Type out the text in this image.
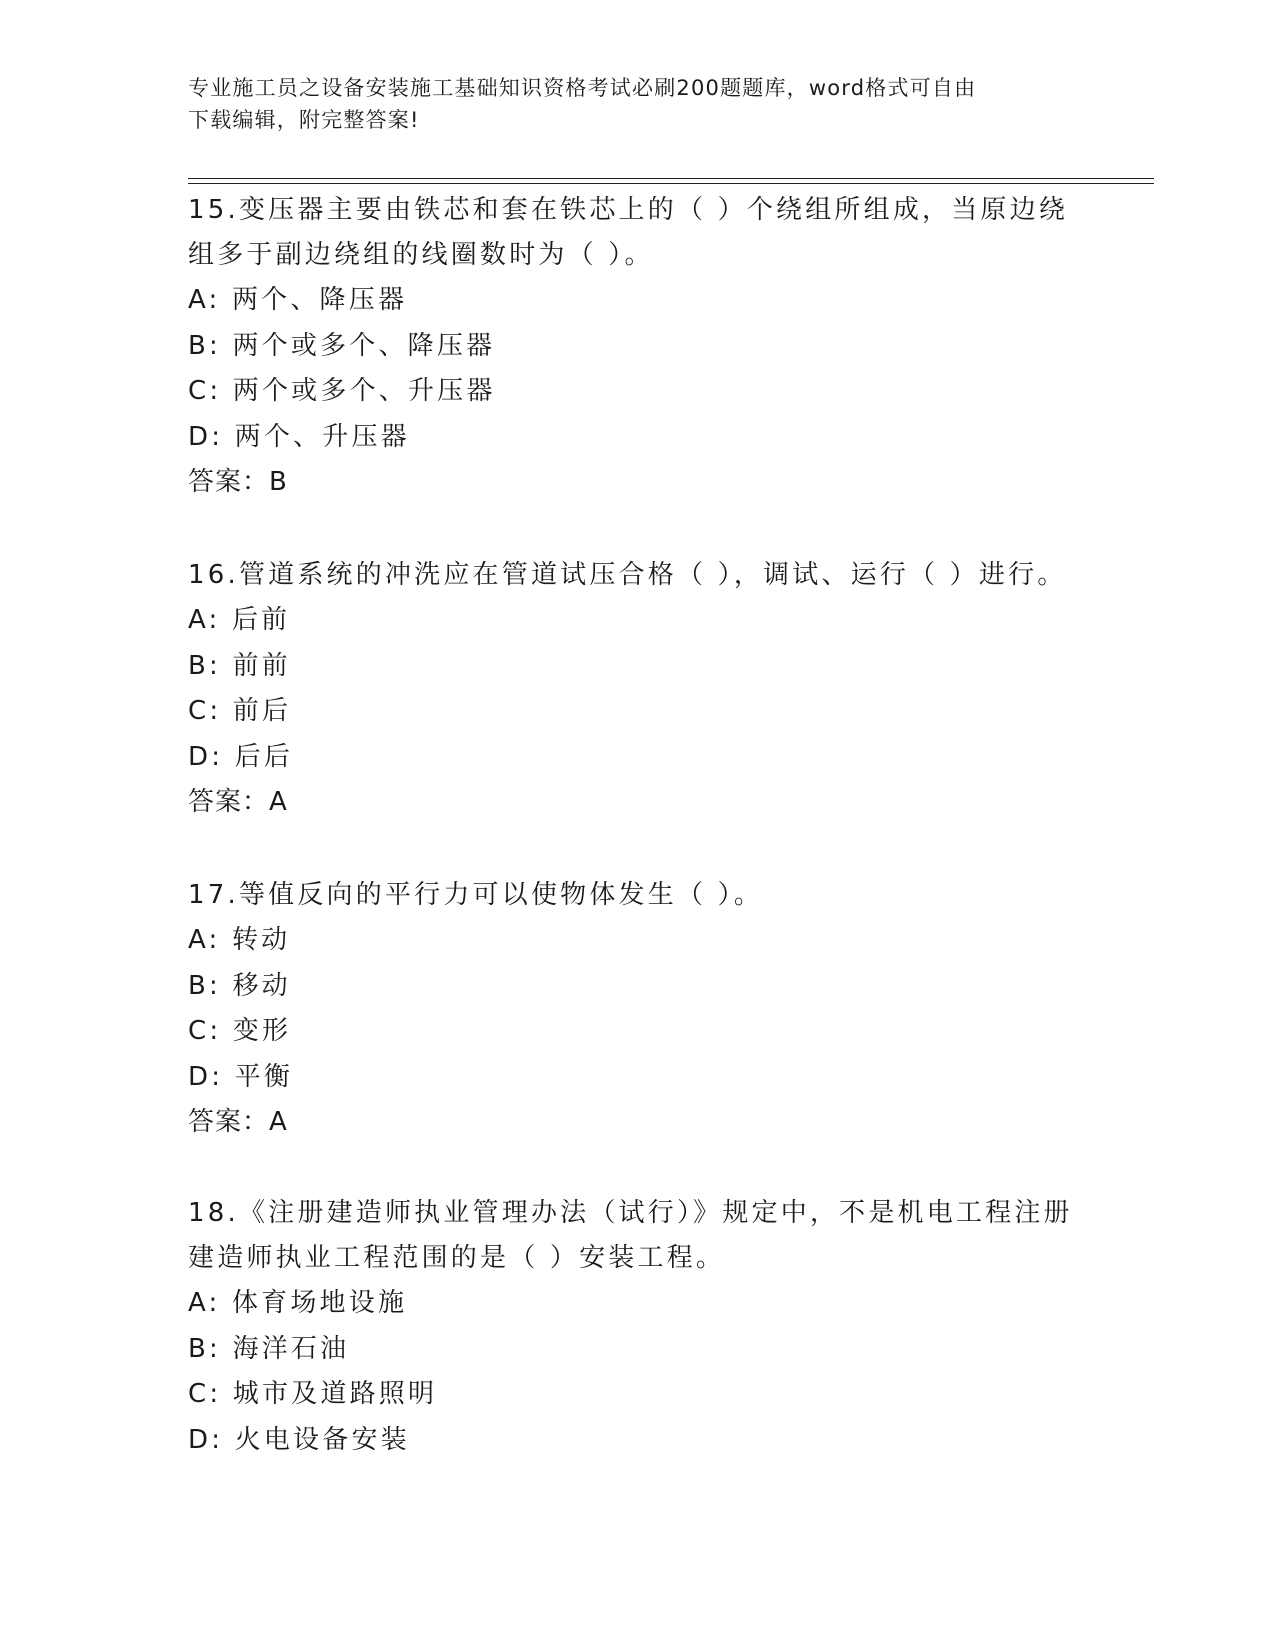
专业施工员之设备安装施工基础知识资格考试必刷200题题库，word格式可自由
下载编辑，附完整答案!
15.变压器主要由铁芯和套在铁芯上的（ ）个绕组所组成，当原边绕
组多于副边绕组的线圈数时为（ ）。
A: 两个、降压器
B: 两个或多个、降压器
C: 两个或多个、升压器
D: 两个、升压器
答案：B
16.管道系统的冲洗应在管道试压合格（ ），调试、运行（ ）进行。
A: 后前
B: 前前
C: 前后
D: 后后
答案：A
17.等值反向的平行力可以使物体发生（ ）。
A: 转动
B: 移动
C: 变形
D: 平衡
答案：A
18.《注册建造师执业管理办法（试行）》规定中，不是机电工程注册
建造师执业工程范围的是（ ）安装工程。
A: 体育场地设施
B: 海洋石油
C: 城市及道路照明
D: 火电设备安装
